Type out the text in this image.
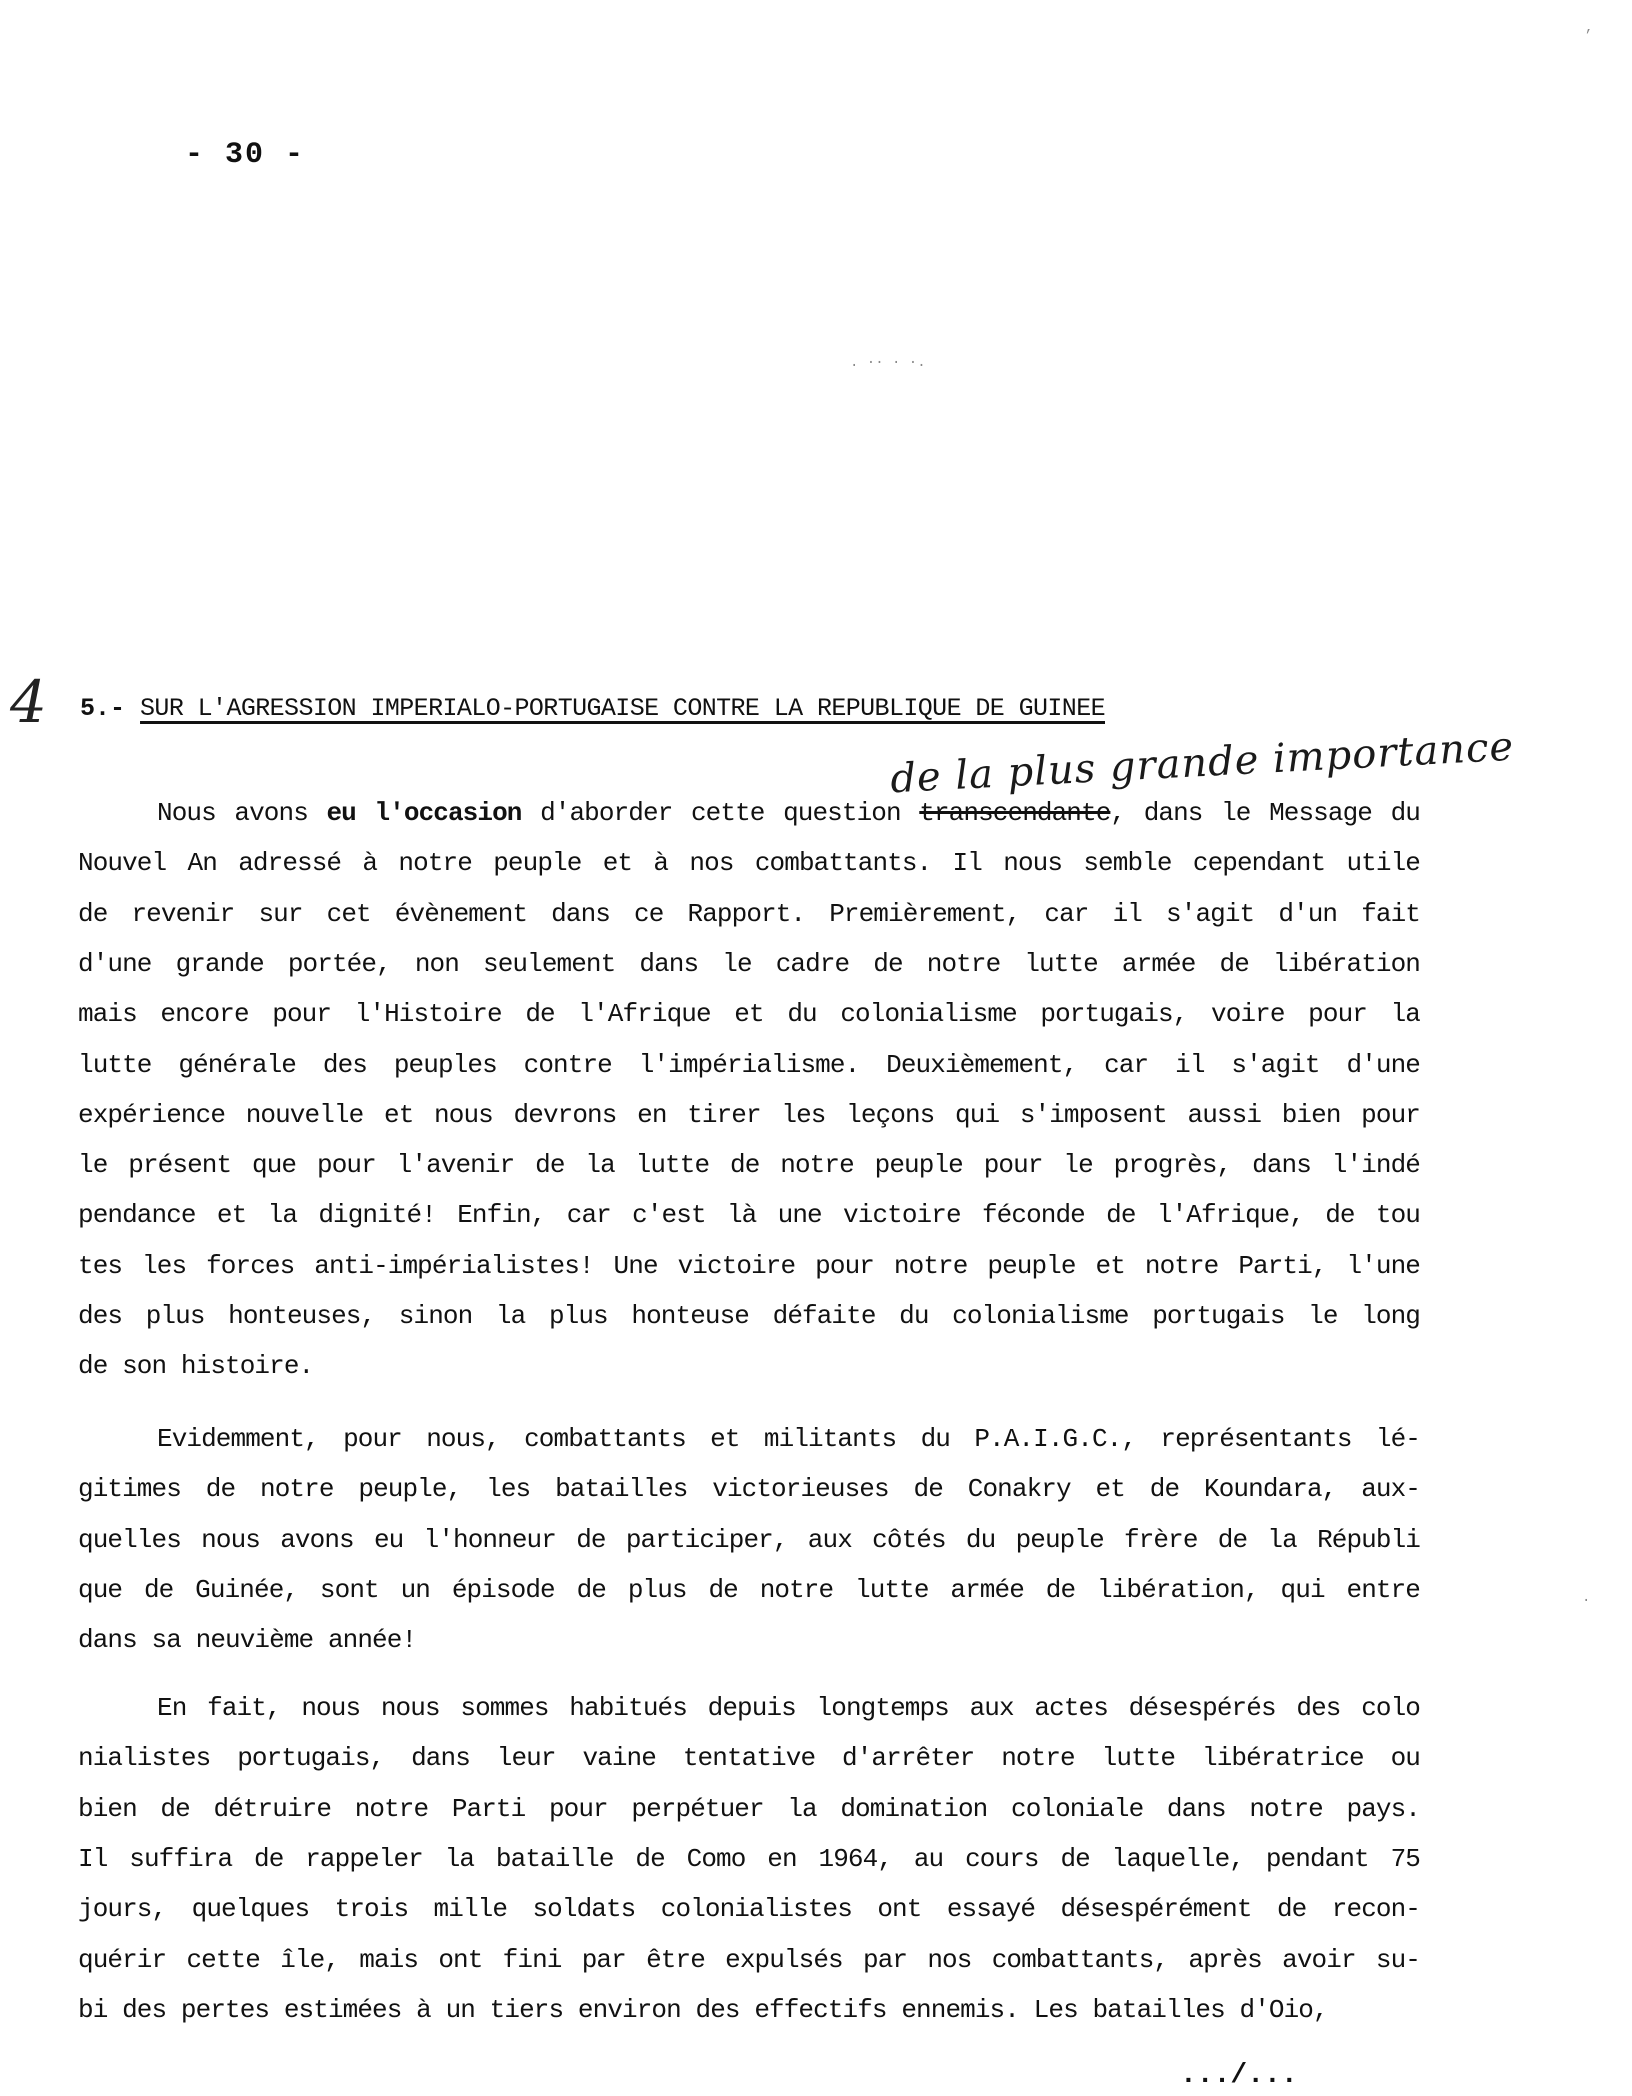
- 30 -
4 5.- SUR L'AGRESSION IMPERIALO-PORTUGAISE CONTRE LA REPUBLIQUE DE GUINEE
de la plus grande importance
Nous avons eu l'occasion d'aborder cette question transcendante, dans le Message du
Nouvel An adressé à notre peuple et à nos combattants. Il nous semble cependant utile
de revenir sur cet évènement dans ce Rapport. Premièrement, car il s'agit d'un fait
d'une grande portée, non seulement dans le cadre de notre lutte armée de libération
mais encore pour l'Histoire de l'Afrique et du colonialisme portugais, voire pour la
lutte générale des peuples contre l'impérialisme. Deuxièmement, car il s'agit d'une
expérience nouvelle et nous devrons en tirer les leçons qui s'imposent aussi bien pour
le présent que pour l'avenir de la lutte de notre peuple pour le progrès, dans l'indé
pendance et la dignité! Enfin, car c'est là une victoire féconde de l'Afrique, de tou
tes les forces anti-impérialistes! Une victoire pour notre peuple et notre Parti, l'une
des plus honteuses, sinon la plus honteuse défaite du colonialisme portugais le long
de son histoire.
Evidemment, pour nous, combattants et militants du P.A.I.G.C., représentants lé-
gitimes de notre peuple, les batailles victorieuses de Conakry et de Koundara, aux-
quelles nous avons eu l'honneur de participer, aux côtés du peuple frère de la Républi
que de Guinée, sont un épisode de plus de notre lutte armée de libération, qui entre
dans sa neuvième année!
En fait, nous nous sommes habitués depuis longtemps aux actes désespérés des colo
nialistes portugais, dans leur vaine tentative d'arrêter notre lutte libératrice ou
bien de détruire notre Parti pour perpétuer la domination coloniale dans notre pays.
Il suffira de rappeler la bataille de Como en 1964, au cours de laquelle, pendant 75
jours, quelques trois mille soldats colonialistes ont essayé désespérément de recon-
quérir cette île, mais ont fini par être expulsés par nos combattants, après avoir su-
bi des pertes estimées à un tiers environ des effectifs ennemis. Les batailles d'Oio,
.../...
,
. ·· · ·.
.
